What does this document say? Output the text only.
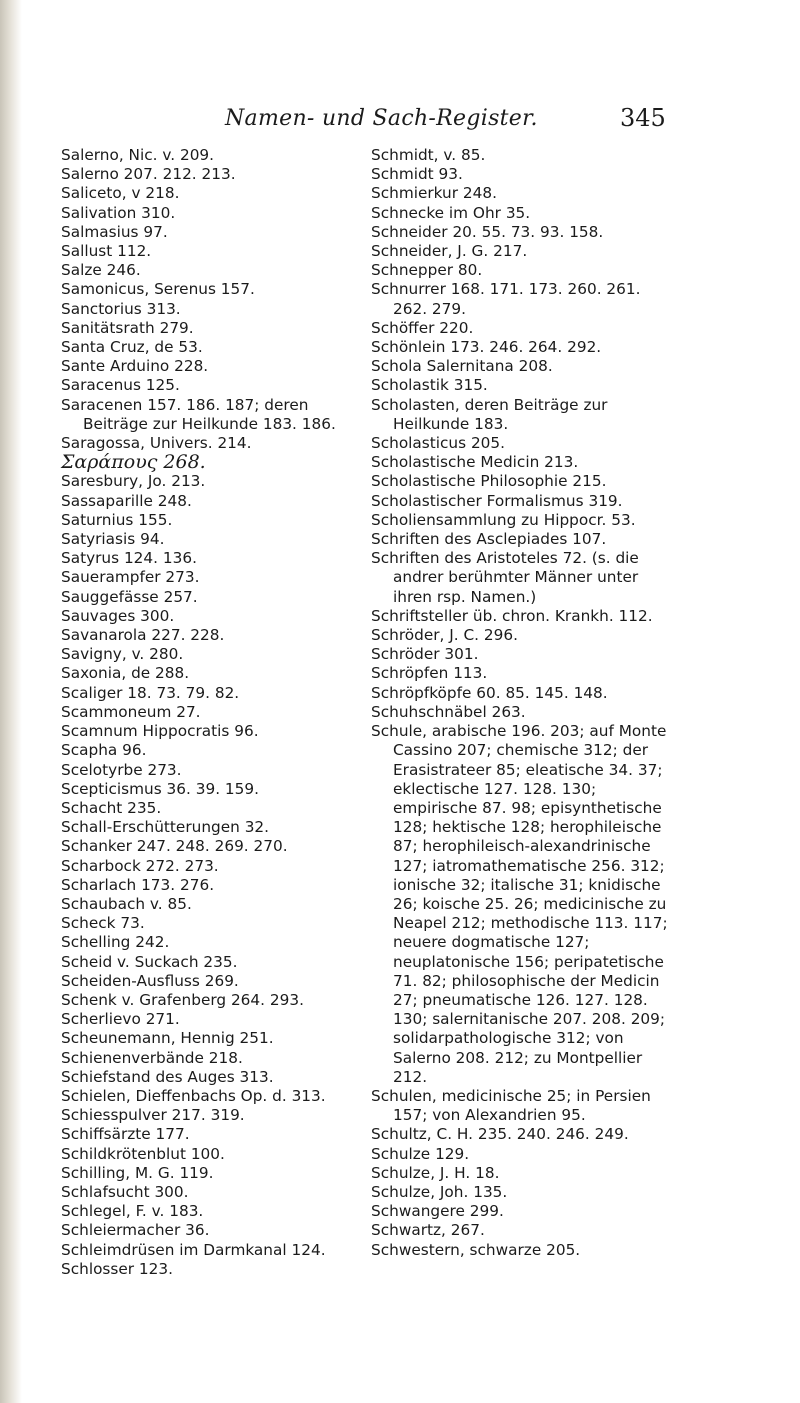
Namen- und Sach-Register.	345
Salerno, Nic. v. 209.
Salerno 207. 212. 213.
Saliceto, v 218.
Salivation 310.
Salmasius 97.
Sallust 112.
Salze 246.
Samonicus, Serenus 157.
Sanctorius 313.
Sanitätsrath 279.
Santa Cruz, de 53.
Sante Arduino 228.
Saracenus 125.
Saracenen 157. 186. 187; deren Beiträge zur Heilkunde 183. 186.
Saragossa, Univers. 214.
Σαράπους 268.
Saresbury, Jo. 213.
Sassaparille 248.
Saturnius 155.
Satyriasis 94.
Satyrus 124. 136.
Sauerampfer 273.
Sauggefässe 257.
Sauvages 300.
Savanarola 227. 228.
Savigny, v. 280.
Saxonia, de 288.
Scaliger 18. 73. 79. 82.
Scammoneum 27.
Scamnum Hippocratis 96.
Scapha 96.
Scelotyrbe 273.
Scepticismus 36. 39. 159.
Schacht 235.
Schall-Erschütterungen 32.
Schanker 247. 248. 269. 270.
Scharbock 272. 273.
Scharlach 173. 276.
Schaubach v. 85.
Scheck 73.
Schelling 242.
Scheid v. Suckach 235.
Scheiden-Ausfluss 269.
Schenk v. Grafenberg 264. 293.
Scherlievo 271.
Scheunemann, Hennig 251.
Schienenverbände 218.
Schiefstand des Auges 313.
Schielen, Dieffenbachs Op. d. 313.
Schiesspulver 217. 319.
Schiffsärzte 177.
Schildkrötenblut 100.
Schilling, M. G. 119.
Schlafsucht 300.
Schlegel, F. v. 183.
Schleiermacher 36.
Schleimdrüsen im Darmkanal 124.
Schlosser 123.
Schmidt, v. 85.
Schmidt 93.
Schmierkur 248.
Schnecke im Ohr 35.
Schneider 20. 55. 73. 93. 158.
Schneider, J. G. 217.
Schnepper 80.
Schnurrer 168. 171. 173. 260. 261. 262. 279.
Schöffer 220.
Schönlein 173. 246. 264. 292.
Schola Salernitana 208.
Scholastik 315.
Scholasten, deren Beiträge zur Heilkunde 183.
Scholasticus 205.
Scholastische Medicin 213.
Scholastische Philosophie 215.
Scholastischer Formalismus 319.
Scholiensammlung zu Hippocr. 53.
Schriften des Asclepiades 107.
Schriften des Aristoteles 72. (s. die andrer berühmter Männer unter ihren rsp. Namen.)
Schriftsteller üb. chron. Krankh. 112.
Schröder, J. C. 296.
Schröder 301.
Schröpfen 113.
Schröpfköpfe 60. 85. 145. 148.
Schuhschnäbel 263.
Schule, arabische 196. 203; auf Monte Cassino 207; chemische 312; der Erasistrateer 85; eleatische 34. 37; eklectische 127. 128. 130; empirische 87. 98; episynthetische 128; hektische 128; herophileische 87; herophileisch-alexandrinische 127; iatromathematische 256. 312; ionische 32; italische 31; knidische 26; koische 25. 26; medicinische zu Neapel 212; methodische 113. 117; neuere dogmatische 127; neuplatonische 156; peripatetische 71. 82; philosophische der Medicin 27; pneumatische 126. 127. 128. 130; salernitanische 207. 208. 209; solidarpathologische 312; von Salerno 208. 212; zu Montpellier 212.
Schulen, medicinische 25; in Persien 157; von Alexandrien 95.
Schultz, C. H. 235. 240. 246. 249.
Schulze 129.
Schulze, J. H. 18.
Schulze, Joh. 135.
Schwangere 299.
Schwartz, 267.
Schwestern, schwarze 205.
